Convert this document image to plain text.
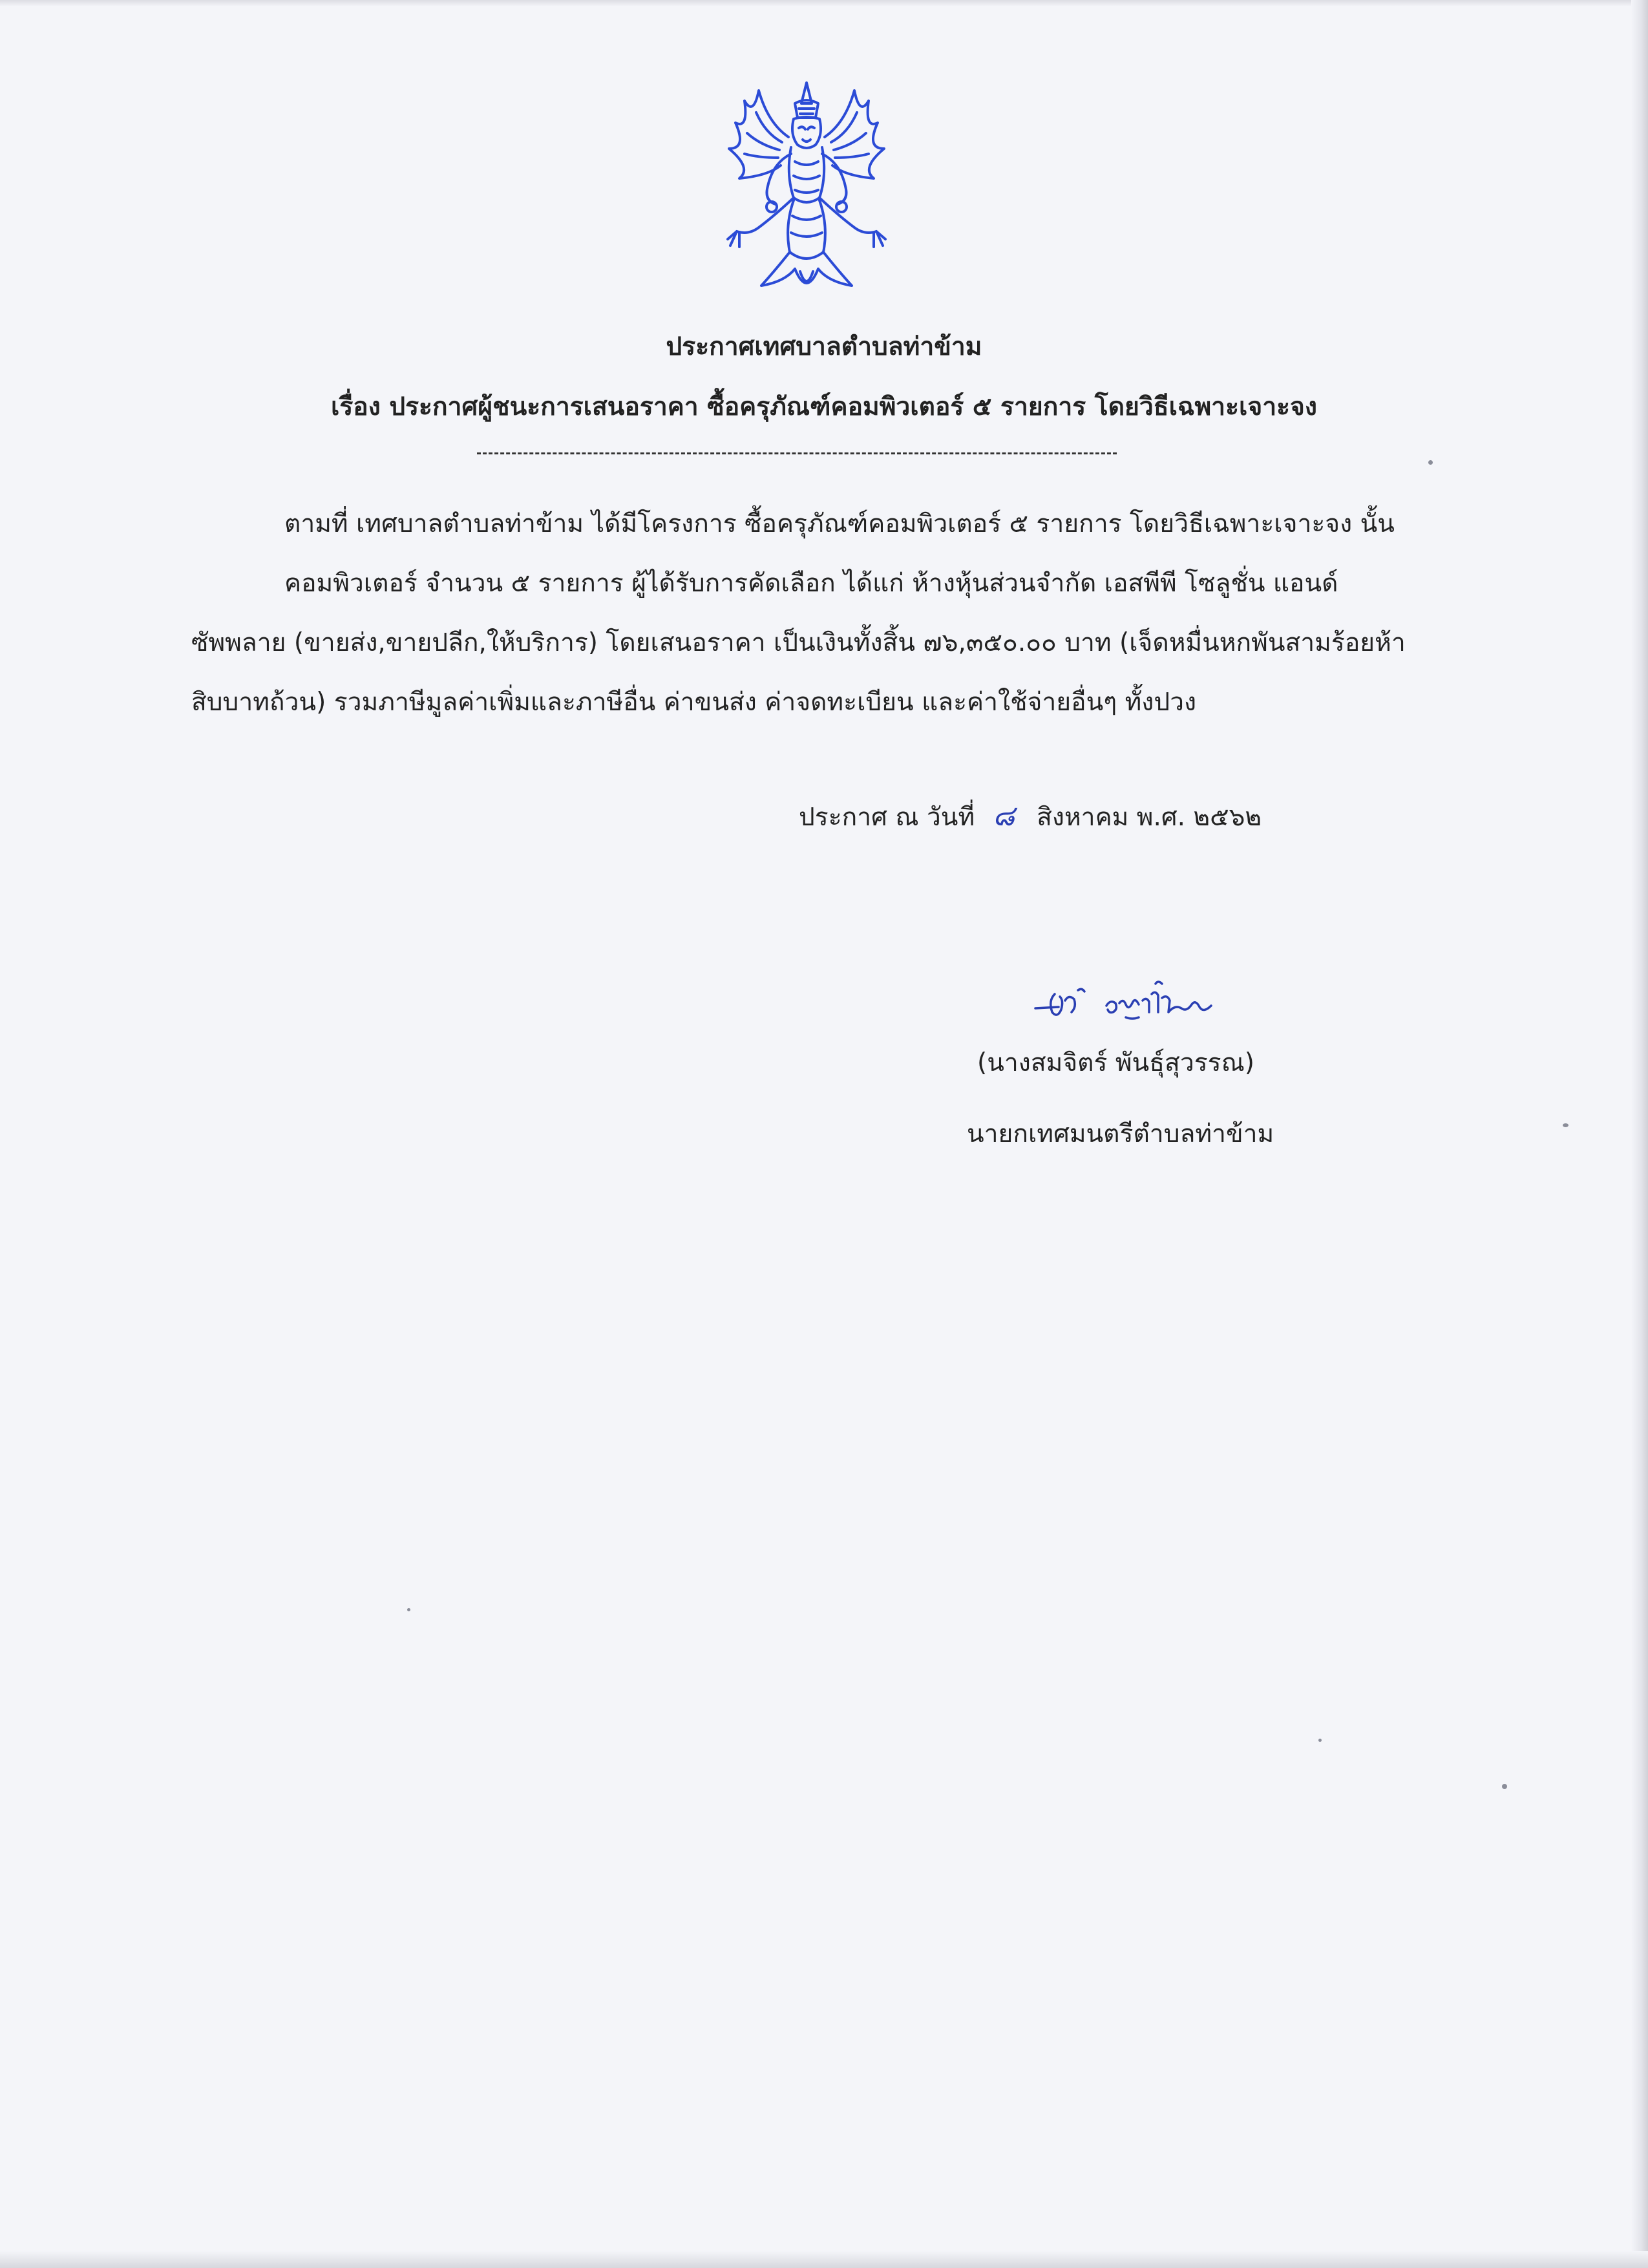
ประกาศเทศบาลตำบลท่าข้าม
เรื่อง ประกาศผู้ชนะการเสนอราคา ซื้อครุภัณฑ์คอมพิวเตอร์ ๕ รายการ โดยวิธีเฉพาะเจาะจง
ตามที่ เทศบาลตำบลท่าข้าม ได้มีโครงการ ซื้อครุภัณฑ์คอมพิวเตอร์ ๕ รายการ โดยวิธีเฉพาะเจาะจง นั้น
คอมพิวเตอร์ จำนวน ๕ รายการ ผู้ได้รับการคัดเลือก ได้แก่ ห้างหุ้นส่วนจำกัด เอสพีพี โซลูชั่น แอนด์
ซัพพลาย (ขายส่ง,ขายปลีก,ให้บริการ) โดยเสนอราคา เป็นเงินทั้งสิ้น ๗๖,๓๕๐.๐๐ บาท (เจ็ดหมื่นหกพันสามร้อยห้า
สิบบาทถ้วน) รวมภาษีมูลค่าเพิ่มและภาษีอื่น ค่าขนส่ง ค่าจดทะเบียน และค่าใช้จ่ายอื่นๆ ทั้งปวง
ประกาศ ณ วันที่ ๘ สิงหาคม พ.ศ. ๒๕๖๒
(นางสมจิตร์ พันธุ์สุวรรณ)
นายกเทศมนตรีตำบลท่าข้าม
